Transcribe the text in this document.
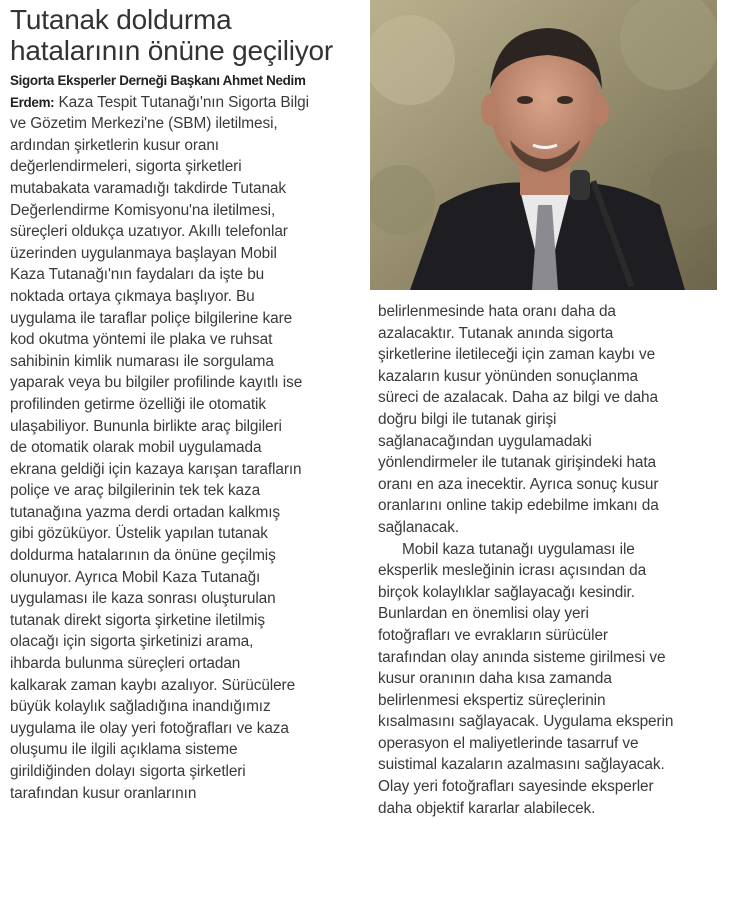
Tutanak doldurma
hatalarının önüne geçiliyor
Sigorta Eksperler Derneği Başkanı Ahmet Nedim
Erdem: Kaza Tespit Tutanağı'nın Sigorta Bilgi
ve Gözetim Merkezi'ne (SBM) iletilmesi,
ardından şirketlerin kusur oranı
değerlendirmeleri, sigorta şirketleri
mutabakata varamadığı takdirde Tutanak
Değerlendirme Komisyonu'na iletilmesi,
süreçleri oldukça uzatıyor. Akıllı telefonlar
üzerinden uygulanmaya başlayan Mobil
Kaza Tutanağı'nın faydaları da işte bu
noktada ortaya çıkmaya başlıyor. Bu
uygulama ile taraflar poliçe bilgilerine kare
kod okutma yöntemi ile plaka ve ruhsat
sahibinin kimlik numarası ile sorgulama
yaparak veya bu bilgiler profilinde kayıtlı ise
profilinden getirme özelliği ile otomatik
ulaşabiliyor. Bununla birlikte araç bilgileri
de otomatik olarak mobil uygulamada
ekrana geldiği için kazaya karışan tarafların
poliçe ve araç bilgilerinin tek tek kaza
tutanağına yazma derdi ortadan kalkmış
gibi gözüküyor. Üstelik yapılan tutanak
doldurma hatalarının da önüne geçilmiş
olunuyor. Ayrıca Mobil Kaza Tutanağı
uygulaması ile kaza sonrası oluşturulan
tutanak direkt sigorta şirketine iletilmiş
olacağı için sigorta şirketinizi arama,
ihbarda bulunma süreçleri ortadan
kalkarak zaman kaybı azalıyor. Sürücülere
büyük kolaylık sağladığına inandığımız
uygulama ile olay yeri fotoğrafları ve kaza
oluşumu ile ilgili açıklama sisteme
girildiğinden dolayı sigorta şirketleri
tarafından kusur oranlarının
belirlenmesinde hata oranı daha da
azalacaktır. Tutanak anında sigorta
şirketlerine iletileceği için zaman kaybı ve
kazaların kusur yönünden sonuçlanma
süreci de azalacak. Daha az bilgi ve daha
doğru bilgi ile tutanak girişi
sağlanacağından uygulamadaki
yönlendirmeler ile tutanak girişindeki hata
oranı en aza inecektir. Ayrıca sonuç kusur
oranlarını online takip edebilme imkanı da
sağlanacak.
Mobil kaza tutanağı uygulaması ile
eksperlik mesleğinin icrası açısından da
birçok kolaylıklar sağlayacağı kesindir.
Bunlardan en önemlisi olay yeri
fotoğrafları ve evrakların sürücüler
tarafından olay anında sisteme girilmesi ve
kusur oranının daha kısa zamanda
belirlenmesi ekspertiz süreçlerinin
kısalmasını sağlayacak. Uygulama eksperin
operasyon el maliyetlerinde tasarruf ve
suistimal kazaların azalmasını sağlayacak.
Olay yeri fotoğrafları sayesinde eksperler
daha objektif kararlar alabilecek.
